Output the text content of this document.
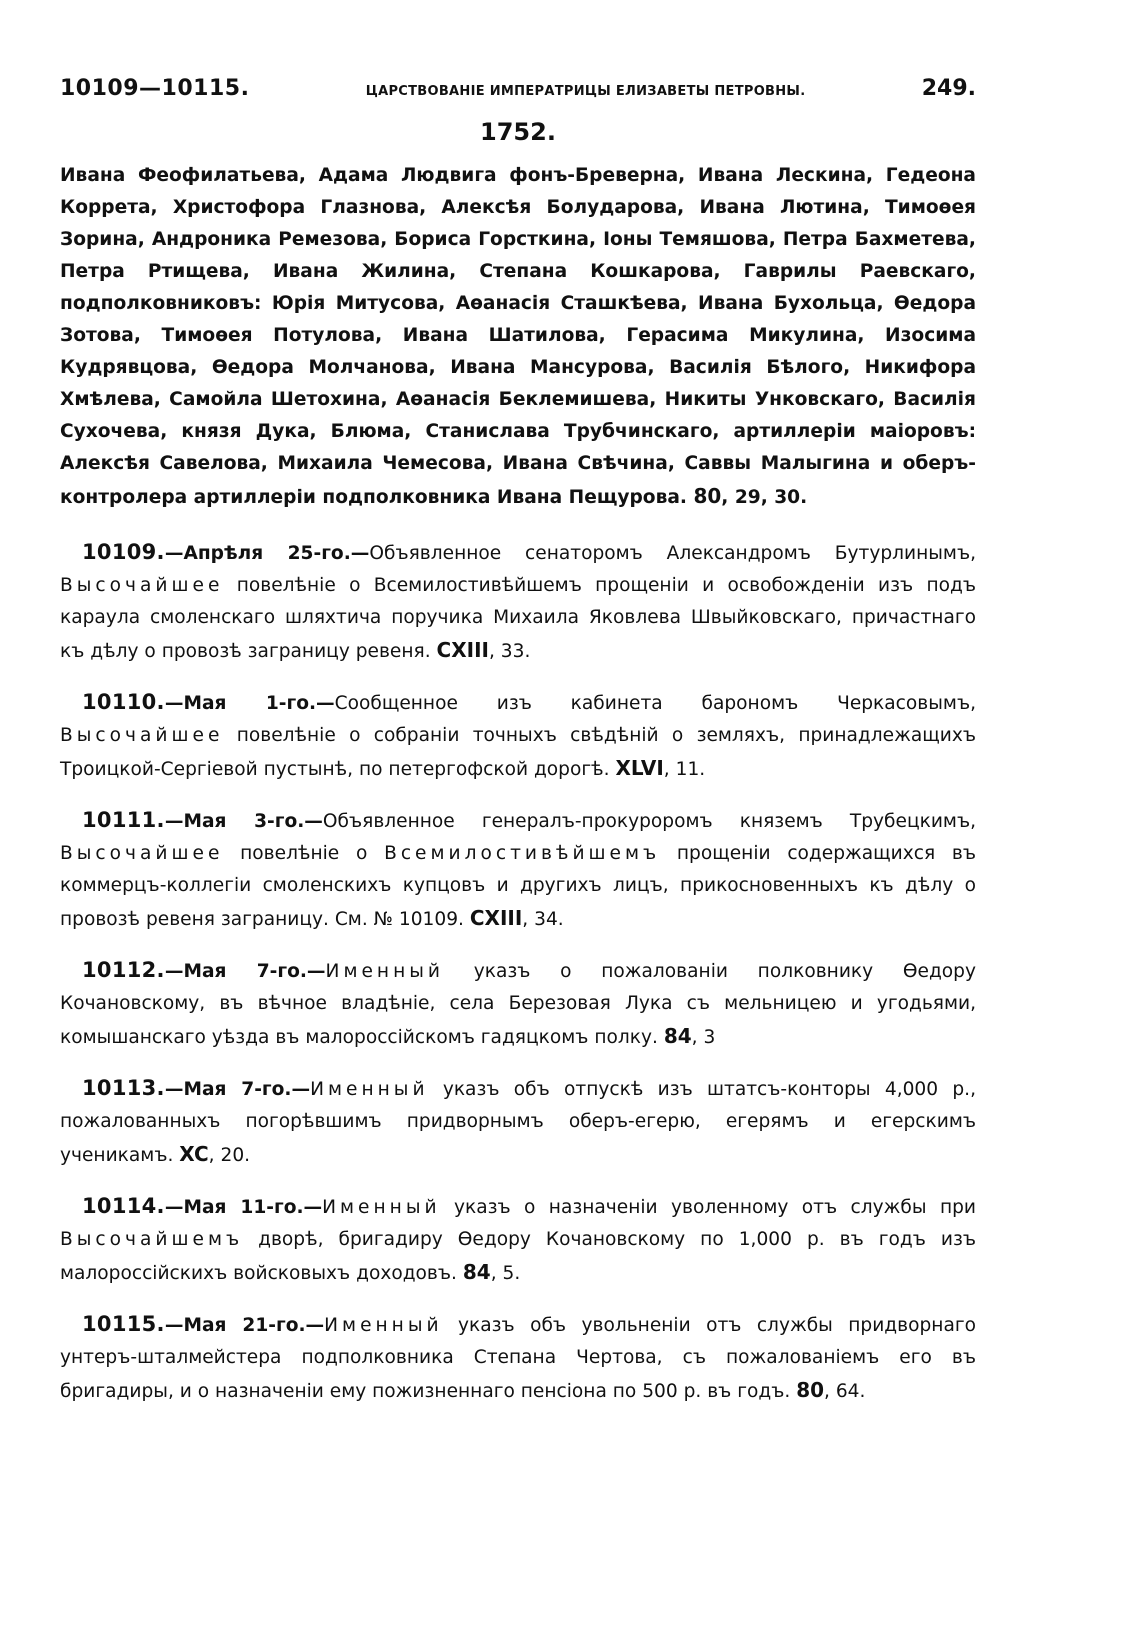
10109—10115.	ЦАРСТВОВАНІЕ ИМПЕРАТРИЦЫ ЕЛИЗАВЕТЫ ПЕТРОВНЫ.	249.
1752.

Ивана Феофилатьева, Адама Людвига фонъ-Бреверна, Ивана Лескина, Гедеона Коррета, Христофора Глазнова, Алексѣя Болударова, Ивана Лютина, Тимоѳея Зорина, Андроника Ремезова, Бориса Горсткина, Іоны Темяшова, Петра Бахметева, Петра Ртищева, Ивана Жилина, Степана Кошкарова, Гаврилы Раевскаго, подполковниковъ: Юрія Митусова, Аѳанасія Сташкѣева, Ивана Бухольца, Ѳедора Зотова, Тимоѳея Потулова, Ивана Шатилова, Герасима Микулина, Изосима Кудрявцова, Ѳедора Молчанова, Ивана Мансурова, Василія Бѣлого, Никифора Хмѣлева, Самойла Шетохина, Аѳанасія Беклемишева, Никиты Унковскаго, Василія Сухочева, князя Дука, Блюма, Станислава Трубчинскаго, артиллеріи маіоровъ: Алексѣя Савелова, Михаила Чемесова, Ивана Свѣчина, Саввы Малыгина и оберъ-контролера артиллеріи подполковника Ивана Пещурова. 80, 29, 30.

10109.—Апрѣля 25-го.—Объявленное сенаторомъ Александромъ Бутурлинымъ, Высочайшее повелѣніе о Всемилостивѣйшемъ прощеніи и освобожденіи изъ подъ караула смоленскаго шляхтича поручика Михаила Яковлева Швыйковскаго, причастнаго къ дѣлу о провозѣ заграницу ревеня. CXIII, 33.

10110.—Мая 1-го.—Сообщенное изъ кабинета барономъ Черкасовымъ, Высочайшее повелѣніе о собраніи точныхъ свѣдѣній о земляхъ, принадлежащихъ Троицкой-Сергіевой пустынѣ, по петергофской дорогѣ. XLVI, 11.

10111.—Мая 3-го.—Объявленное генералъ-прокуроромъ княземъ Трубецкимъ, Высочайшее повелѣніе о Всемилостивѣйшемъ прощеніи содержащихся въ коммерцъ-коллегіи смоленскихъ купцовъ и другихъ лицъ, прикосновенныхъ къ дѣлу о провозѣ ревеня заграницу. См. № 10109. CXIII, 34.

10112.—Мая 7-го.—Именный указъ о пожалованіи полковнику Ѳедору Кочановскому, въ вѣчное владѣніе, села Березовая Лука съ мельницею и угодьями, комышанскаго уѣзда въ малороссійскомъ гадяцкомъ полку. 84, 3

10113.—Мая 7-го.—Именный указъ объ отпускѣ изъ штатсъ-конторы 4,000 р., пожалованныхъ погорѣвшимъ придворнымъ оберъ-егерю, егерямъ и егерскимъ ученикамъ. XC, 20.

10114.—Мая 11-го.—Именный указъ о назначеніи уволенному отъ службы при Высочайшемъ дворѣ, бригадиру Ѳедору Кочановскому по 1,000 р. въ годъ изъ малороссійскихъ войсковыхъ доходовъ. 84, 5.

10115.—Мая 21-го.—Именный указъ объ увольненіи отъ службы придворнаго унтеръ-шталмейстера подполковника Степана Чертова, съ пожалованіемъ его въ бригадиры, и о назначеніи ему пожизненнаго пенсіона по 500 р. въ годъ. 80, 64.
